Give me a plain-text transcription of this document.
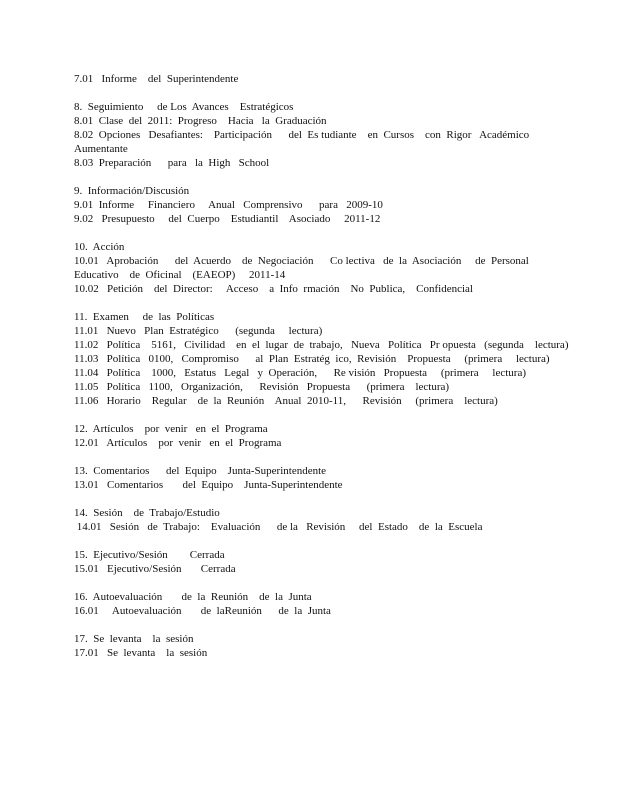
7.01   Informe    del  Superintendente
8.  Seguimiento     de Los  Avances    Estratégicos
8.01  Clase  del  2011:  Progreso    Hacia   la  Graduación
8.02  Opciones   Desafiantes:    Participación      del  Es tudiante    en  Cursos    con  Rigor   Académico
Aumentante
8.03  Preparación      para   la  High   School
9.  Información/Discusión
9.01  Informe     Financiero     Anual   Comprensivo      para   2009-10
9.02   Presupuesto     del  Cuerpo    Estudiantil    Asociado     2011-12
10.  Acción
10.01   Aprobación      del  Acuerdo    de  Negociación      Co lectiva   de  la  Asociación     de  Personal
Educativo    de  Oficinal    (EAEOP)     2011-14
10.02   Petición    del  Director:     Acceso    a  Info  rmación    No  Publica,    Confidencial
11.  Examen     de  las  Políticas
11.01   Nuevo   Plan  Estratégico      (segunda     lectura)
11.02   Política    5161,   Civilidad    en  el  lugar  de  trabajo,   Nueva   Política   Pr opuesta   (segunda    lectura)
11.03   Política   0100,   Compromiso      al  Plan  Estratég  ico,  Revisión    Propuesta     (primera     lectura)
11.04   Política    1000,   Estatus   Legal   y  Operación,      Re visión   Propuesta     (primera     lectura)
11.05   Política   1100,   Organización,      Revisión   Propuesta      (primera    lectura)
11.06   Horario    Regular    de  la  Reunión    Anual  2010-11,      Revisión     (primera    lectura)
12.  Artículos    por  venir   en  el  Programa
12.01   Artículos    por  venir   en  el  Programa
13.  Comentarios      del  Equipo    Junta-Superintendente
13.01   Comentarios       del  Equipo    Junta-Superintendente
14.  Sesión    de  Trabajo/Estudio
14.01   Sesión   de  Trabajo:    Evaluación      de la   Revisión     del  Estado    de  la  Escuela
15.  Ejecutivo/Sesión        Cerrada
15.01   Ejecutivo/Sesión       Cerrada
16.  Autoevaluación       de  la  Reunión    de  la  Junta
16.01     Autoevaluación       de  laReunión      de  la  Junta
17.  Se  levanta    la  sesión
17.01   Se  levanta    la  sesión
